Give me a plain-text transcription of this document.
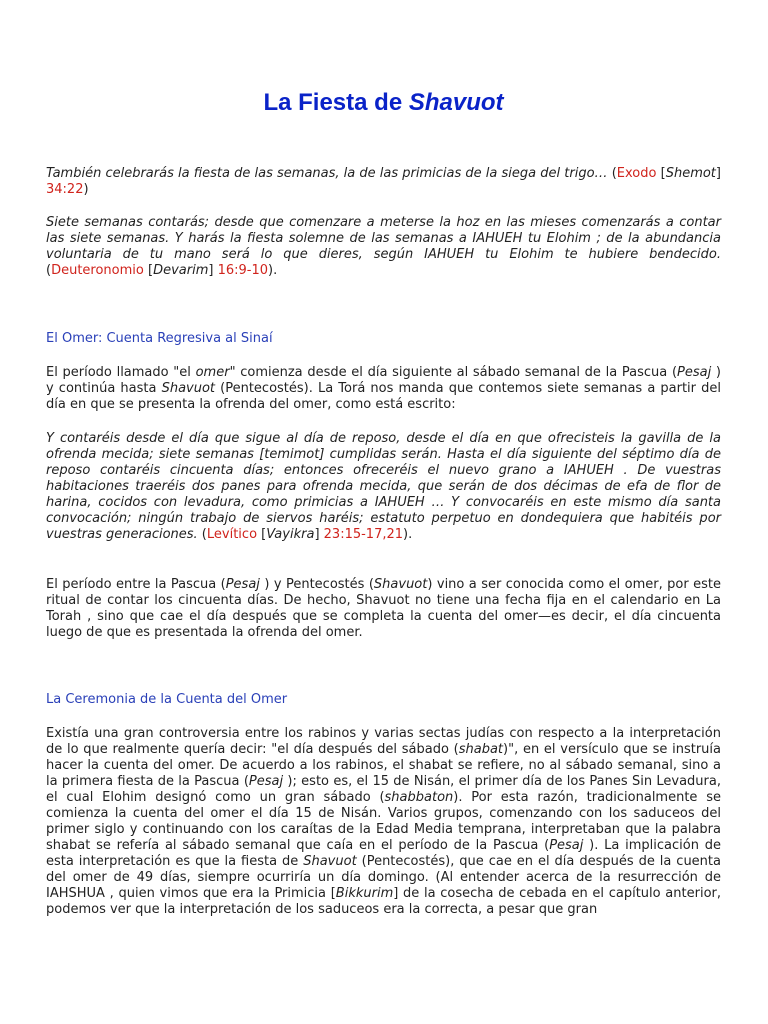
La Fiesta de Shavuot

También celebrarás la fiesta de las semanas, la de las primicias de la siega del trigo… (Exodo [Shemot] 34:22)

Siete semanas contarás; desde que comenzare a meterse la hoz en las mieses comenzarás a contar las siete semanas. Y harás la fiesta solemne de las semanas a IAHUEH tu Elohim ; de la abundancia voluntaria de tu mano será lo que dieres, según IAHUEH tu Elohim te hubiere bendecido. (Deuteronomio [Devarim] 16:9-10).

El Omer: Cuenta Regresiva al Sinaí

El período llamado "el omer" comienza desde el día siguiente al sábado semanal de la Pascua (Pesaj ) y continúa hasta Shavuot (Pentecostés). La Torá nos manda que contemos siete semanas a partir del día en que se presenta la ofrenda del omer, como está escrito:

Y contaréis desde el día que sigue al día de reposo, desde el día en que ofrecisteis la gavilla de la ofrenda mecida; siete semanas [temimot] cumplidas serán. Hasta el día siguiente del séptimo día de reposo contaréis cincuenta días; entonces ofreceréis el nuevo grano a IAHUEH . De vuestras habitaciones traeréis dos panes para ofrenda mecida, que serán de dos décimas de efa de flor de harina, cocidos con levadura, como primicias a IAHUEH … Y convocaréis en este mismo día santa convocación; ningún trabajo de siervos haréis; estatuto perpetuo en dondequiera que habitéis por vuestras generaciones. (Levítico [Vayikra] 23:15-17,21).

El período entre la Pascua (Pesaj ) y Pentecostés (Shavuot) vino a ser conocida como el omer, por este ritual de contar los cincuenta días. De hecho, Shavuot no tiene una fecha fija en el calendario en La Torah , sino que cae el día después que se completa la cuenta del omer—es decir, el día cincuenta luego de que es presentada la ofrenda del omer.

La Ceremonia de la Cuenta del Omer

Existía una gran controversia entre los rabinos y varias sectas judías con respecto a la interpretación de lo que realmente quería decir: "el día después del sábado (shabat)", en el versículo que se instruía hacer la cuenta del omer. De acuerdo a los rabinos, el shabat se refiere, no al sábado semanal, sino a la primera fiesta de la Pascua (Pesaj ); esto es, el 15 de Nisán, el primer día de los Panes Sin Levadura, el cual Elohim designó como un gran sábado (shabbaton). Por esta razón, tradicionalmente se comienza la cuenta del omer el día 15 de Nisán. Varios grupos, comenzando con los saduceos del primer siglo y continuando con los caraítas de la Edad Media temprana, interpretaban que la palabra shabat se refería al sábado semanal que caía en el período de la Pascua (Pesaj ). La implicación de esta interpretación es que la fiesta de Shavuot (Pentecostés), que cae en el día después de la cuenta del omer de 49 días, siempre ocurriría un día domingo. (Al entender acerca de la resurrección de IAHSHUA , quien vimos que era la Primicia [Bikkurim] de la cosecha de cebada en el capítulo anterior, podemos ver que la interpretación de los saduceos era la correcta, a pesar que gran
